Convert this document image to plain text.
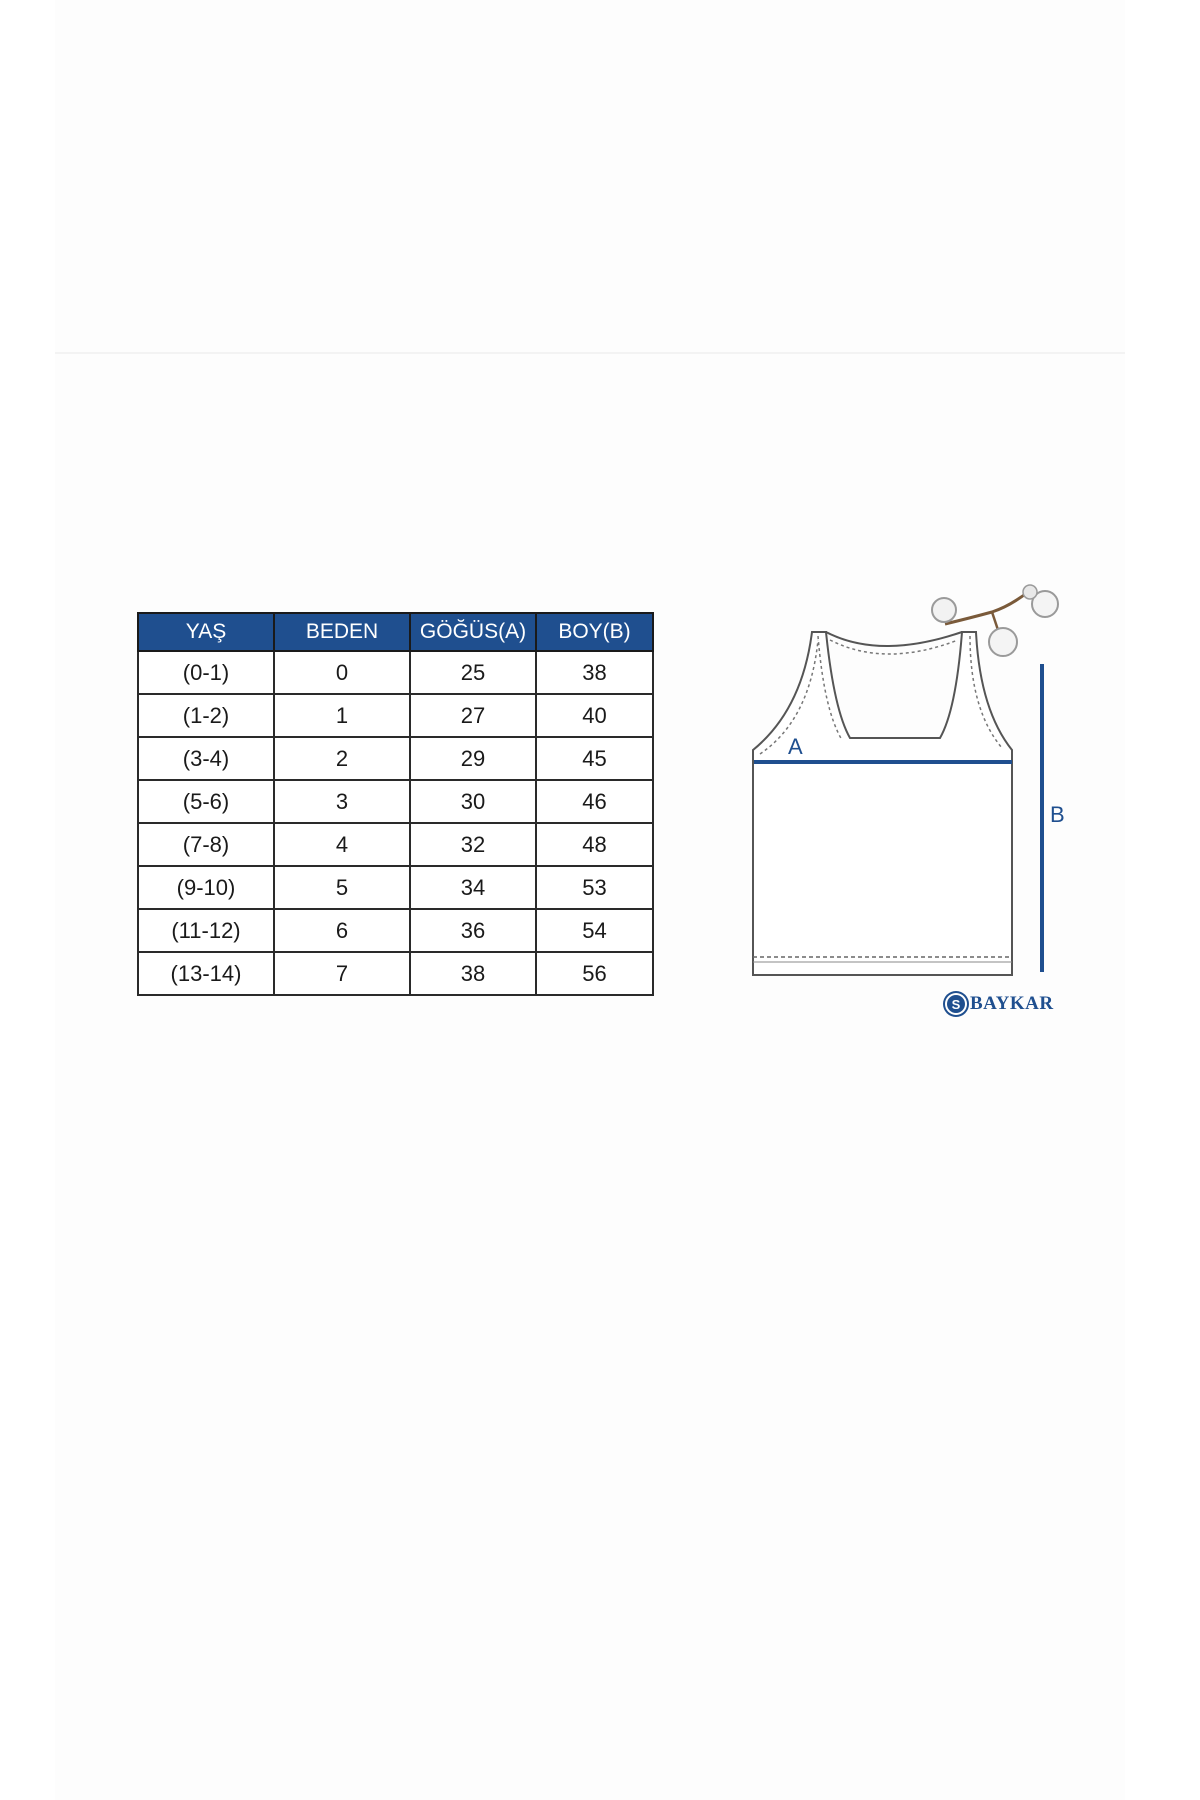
YAŞ	BEDEN	GÖĞÜS(A)	BOY(B)
(0-1)	0	25	38
(1-2)	1	27	40
(3-4)	2	29	45
(5-6)	3	30	46
(7-8)	4	32	48
(9-10)	5	34	53
(11-12)	6	36	54
(13-14)	7	38	56
A
B
S BAYKAR
